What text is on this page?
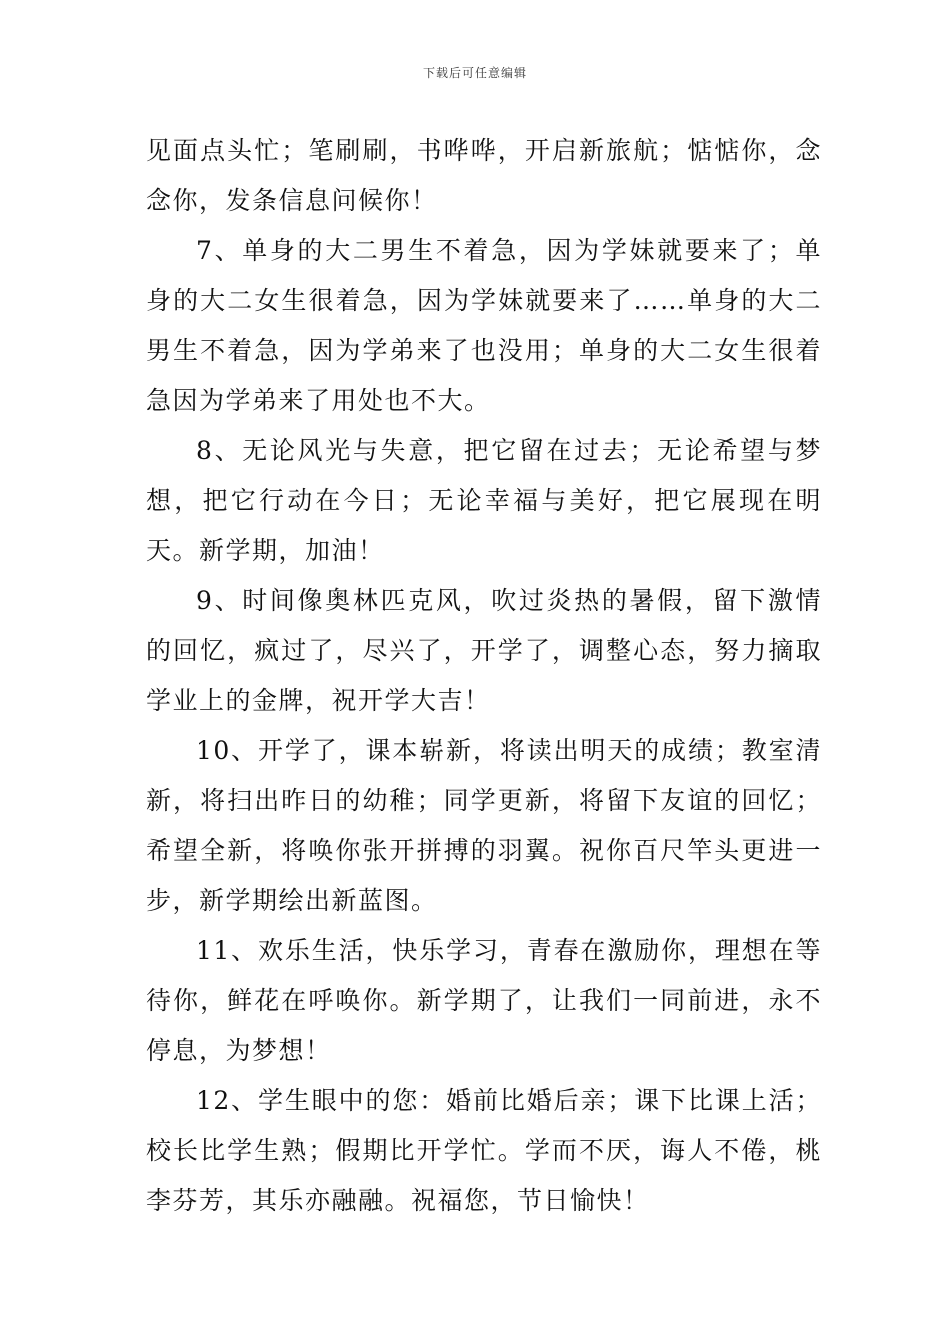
下载后可任意编辑

见面点头忙；笔刷刷，书哗哗，开启新旅航；惦惦你，念念你，发条信息问候你！

7、单身的大二男生不着急，因为学妹就要来了；单身的大二女生很着急，因为学妹就要来了……单身的大二男生不着急，因为学弟来了也没用；单身的大二女生很着急因为学弟来了用处也不大。

8、无论风光与失意，把它留在过去；无论希望与梦想，把它行动在今日；无论幸福与美好，把它展现在明天。新学期，加油！

9、时间像奥林匹克风，吹过炎热的暑假，留下激情的回忆，疯过了，尽兴了，开学了，调整心态，努力摘取学业上的金牌，祝开学大吉！

10、开学了，课本崭新，将读出明天的成绩；教室清新，将扫出昨日的幼稚；同学更新，将留下友谊的回忆；希望全新，将唤你张开拼搏的羽翼。祝你百尺竿头更进一步，新学期绘出新蓝图。

11、欢乐生活，快乐学习，青春在激励你，理想在等待你，鲜花在呼唤你。新学期了，让我们一同前进，永不停息，为梦想！

12、学生眼中的您：婚前比婚后亲；课下比课上活；校长比学生熟；假期比开学忙。学而不厌，诲人不倦，桃李芬芳，其乐亦融融。祝福您，节日愉快！
